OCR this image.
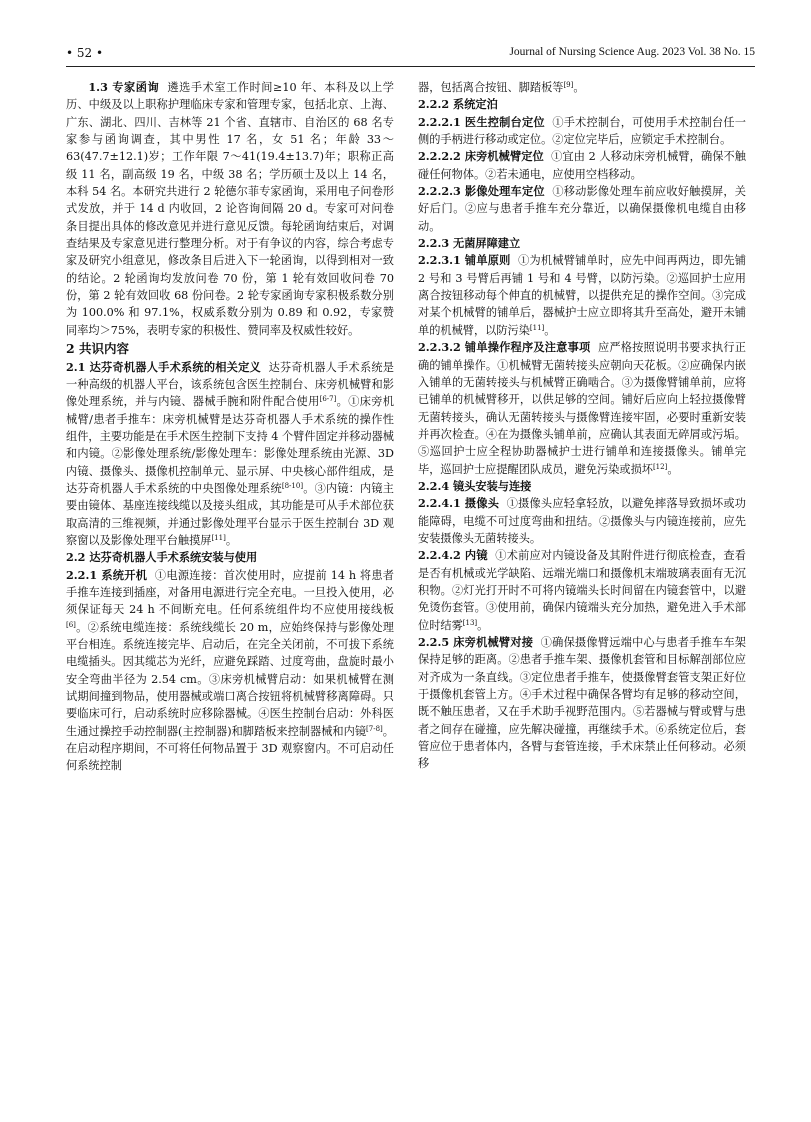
• 52 •	Journal of Nursing Science Aug. 2023 Vol. 38 No. 15

1.3 专家函询 遴选手术室工作时间≥10 年、本科及以上学历、中级及以上职称护理临床专家和管理专家，包括北京、上海、广东、湖北、四川、吉林等 21 个省、直辖市、自治区的 68 名专家参与函询调查，其中男性 17 名，女 51 名；年龄 33～63(47.7±12.1)岁；工作年限 7～41(19.4±13.7)年；职称正高级 11 名，副高级 19 名，中级 38 名；学历硕士及以上 14 名，本科 54 名。本研究共进行 2 轮德尔菲专家函询，采用电子问卷形式发放，并于 14 d 内收回，2 论咨询间隔 20 d。专家可对问卷条目提出具体的修改意见并进行意见反馈。每轮函询结束后，对调查结果及专家意见进行整理分析。对于有争议的内容，综合考虑专家及研究小组意见，修改条目后进入下一轮函询，以得到相对一致的结论。2 轮函询均发放问卷 70 份，第 1 轮有效回收问卷 70 份，第 2 轮有效回收 68 份问卷。2 轮专家函询专家积极系数分别为 100.0% 和 97.1%，权威系数分别为 0.89 和 0.92，专家赞同率均＞75%，表明专家的积极性、赞同率及权威性较好。

2 共识内容

2.1 达芬奇机器人手术系统的相关定义 达芬奇机器人手术系统是一种高级的机器人平台，该系统包含医生控制台、床旁机械臂和影像处理系统，并与内镜、器械手腕和附件配合使用[6-7]。①床旁机械臂/患者手推车：床旁机械臂是达芬奇机器人手术系统的操作性组件，主要功能是在手术医生控制下支持 4 个臂件固定并移动器械和内镜。②影像处理系统/影像处理车：影像处理系统由光源、3D 内镜、摄像头、摄像机控制单元、显示屏、中央核心部件组成，是达芬奇机器人手术系统的中央图像处理系统[8-10]。③内镜：内镜主要由镜体、基座连接线缆以及接头组成，其功能是可从手术部位获取高清的三维视频，并通过影像处理平台显示于医生控制台 3D 观察窗以及影像处理平台触摸屏[11]。

2.2 达芬奇机器人手术系统安装与使用

2.2.1 系统开机 ①电源连接：首次使用时，应提前 14 h 将患者手推车连接到插座，对备用电源进行完全充电。一旦投入使用，必须保证每天 24 h 不间断充电。任何系统组件均不应使用接线板[6]。②系统电缆连接：系统线缆长 20 m，应始终保持与影像处理平台相连。系统连接完毕、启动后，在完全关闭前，不可拔下系统电缆插头。因其缆芯为光纤，应避免踩踏、过度弯曲，盘旋时最小安全弯曲半径为 2.54 cm。③床旁机械臂启动：如果机械臂在测试期间撞到物品，使用器械或端口离合按钮将机械臂移离障碍。只要临床可行，启动系统时应移除器械。④医生控制台启动：外科医生通过操控手动控制器(主控制器)和脚踏板来控制器械和内镜[7-8]。在启动程序期间，不可将任何物品置于 3D 观察窗内。不可启动任何系统控制

器，包括离合按钮、脚踏板等[9]。

2.2.2 系统定泊

2.2.2.1 医生控制台定位 ①手术控制台，可使用手术控制台任一侧的手柄进行移动或定位。②定位完毕后，应锁定手术控制台。

2.2.2.2 床旁机械臂定位 ①宜由 2 人移动床旁机械臂，确保不触碰任何物体。②若未通电，应使用空档移动。

2.2.2.3 影像处理车定位 ①移动影像处理车前应收好触摸屏，关好后门。②应与患者手推车充分靠近，以确保摄像机电缆自由移动。

2.2.3 无菌屏障建立

2.2.3.1 铺单原则 ①为机械臂铺单时，应先中间再两边，即先铺 2 号和 3 号臂后再铺 1 号和 4 号臂，以防污染。②巡回护士应用离合按钮移动每个伸直的机械臂，以提供充足的操作空间。③完成对某个机械臂的铺单后，器械护士应立即将其升至高处，避开未铺单的机械臂，以防污染[11]。

2.2.3.2 铺单操作程序及注意事项 应严格按照说明书要求执行正确的铺单操作。①机械臂无菌转接头应朝向天花板。②应确保内嵌入铺单的无菌转接头与机械臂正确啮合。③为摄像臂铺单前，应将已铺单的机械臂移开，以供足够的空间。铺好后应向上轻拉摄像臂无菌转接头，确认无菌转接头与摄像臂连接牢固，必要时重新安装并再次检查。④在为摄像头铺单前，应确认其表面无碎屑或污垢。⑤巡回护士应全程协助器械护士进行铺单和连接摄像头。铺单完毕，巡回护士应提醒团队成员，避免污染或损坏[12]。

2.2.4 镜头安装与连接

2.2.4.1 摄像头 ①摄像头应轻拿轻放，以避免摔落导致损坏或功能障碍，电缆不可过度弯曲和扭结。②摄像头与内镜连接前，应先安装摄像头无菌转接头。

2.2.4.2 内镜 ①术前应对内镜设备及其附件进行彻底检查，查看是否有机械或光学缺陷、远端光端口和摄像机末端玻璃表面有无沉积物。②灯光打开时不可将内镜端头长时间留在内镜套管中，以避免烫伤套管。③使用前，确保内镜端头充分加热，避免进入手术部位时结雾[13]。

2.2.5 床旁机械臂对接 ①确保摄像臂远端中心与患者手推车车架保持足够的距离。②患者手推车架、摄像机套管和目标解剖部位应对齐成为一条直线。③定位患者手推车，使摄像臂套管支架正好位于摄像机套管上方。④手术过程中确保各臂均有足够的移动空间，既不触压患者，又在手术助手视野范围内。⑤若器械与臂或臂与患者之间存在碰撞，应先解决碰撞，再继续手术。⑥系统定位后，套管应位于患者体内，各臂与套管连接，手术床禁止任何移动。必须移
